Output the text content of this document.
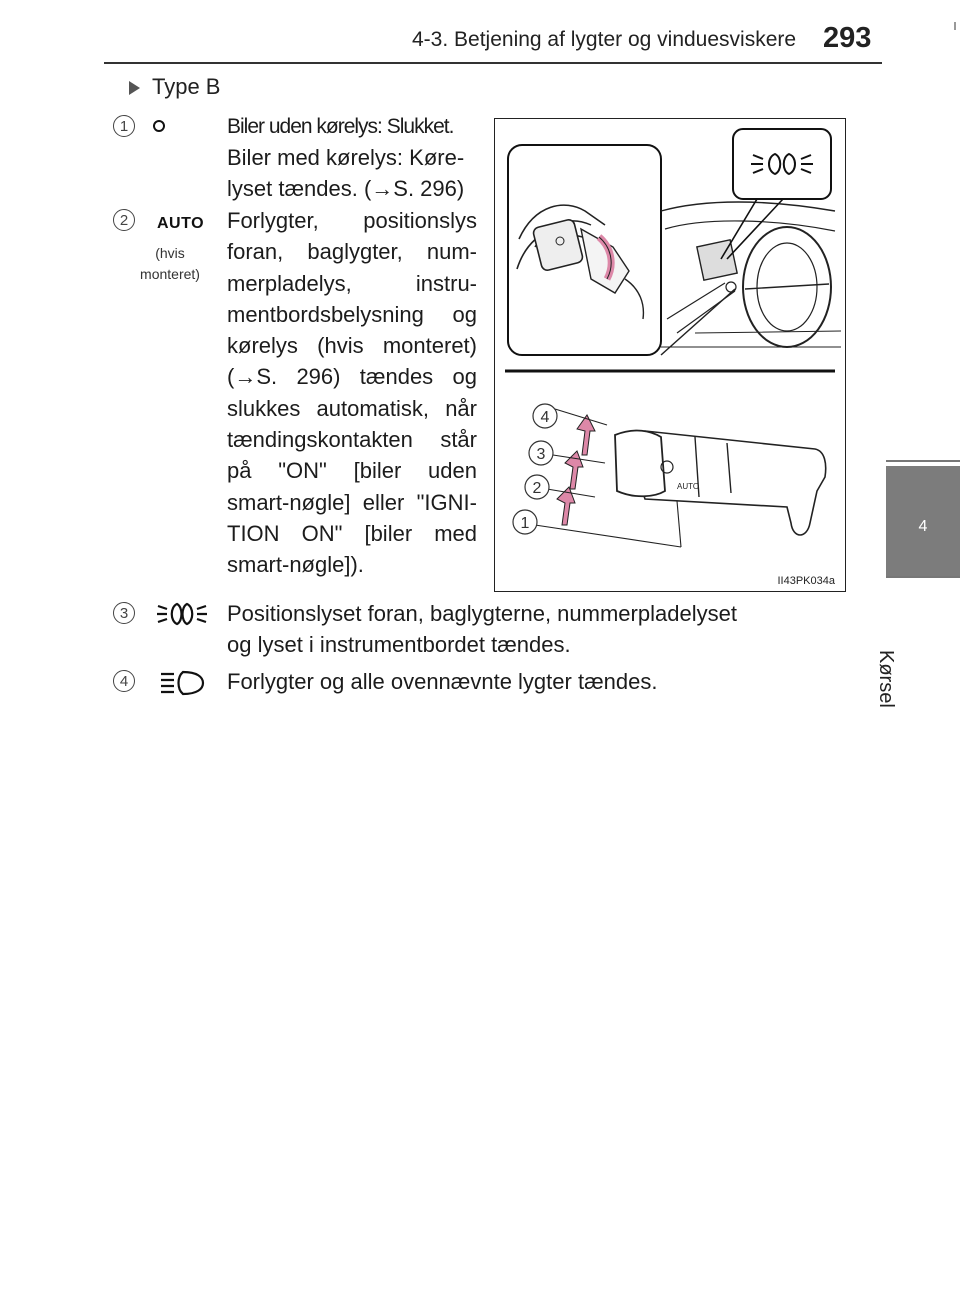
4-3. Betjening af lygter og vinduesviskere 293
4
Kørsel
Type B
1	Biler uden kørelys: Slukket.
Biler med kørelys: Køre-
lyset tændes. (→S. 296)
2	AUTO
(hvis
monteret)
Forlygter, positionslys foran, baglygter, num- merpladelys, instru- mentbordsbelysning og kørelys (hvis monteret) (→S. 296) tændes og slukkes automatisk, når tændingskontakten står på "ON" [biler uden smart-nøgle] eller "IGNI- TION ON" [biler med smart-nøgle]).
AUTO
4
3
2
1
II43PK034a
3	Positionslyset foran, baglygterne, nummerpladelyset
og lyset i instrumentbordet tændes.
4	Forlygter og alle ovennævnte lygter tændes.
